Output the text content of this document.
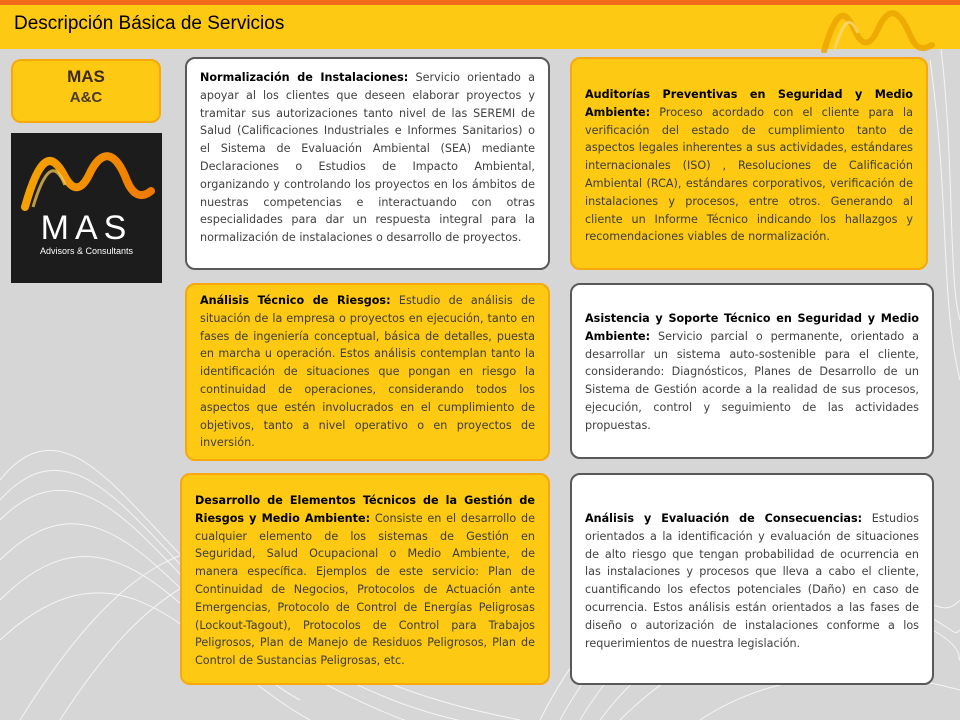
Descripción Básica de Servicios
MAS
A&C
MAS
Advisors & Consultants
Normalización de Instalaciones: Servicio orientado a apoyar al los clientes que deseen elaborar proyectos y tramitar sus autorizaciones tanto nivel de las SEREMI de Salud (Calificaciones Industriales e Informes Sanitarios) o el Sistema de Evaluación Ambiental (SEA) mediante Declaraciones o Estudios de Impacto Ambiental, organizando y controlando los proyectos en los ámbitos de nuestras competencias e interactuando con otras especialidades para dar un respuesta integral para la normalización de instalaciones o desarrollo de proyectos.
Auditorías Preventivas en Seguridad y Medio Ambiente: Proceso acordado con el cliente para la verificación del estado de cumplimiento tanto de aspectos legales inherentes a sus actividades, estándares internacionales (ISO) , Resoluciones de Calificación Ambiental (RCA), estándares corporativos, verificación de instalaciones y procesos, entre otros. Generando al cliente un Informe Técnico indicando los hallazgos y recomendaciones viables de normalización.
Análisis Técnico de Riesgos: Estudio de análisis de situación de la empresa o proyectos en ejecución, tanto en fases de ingeniería conceptual, básica de detalles, puesta en marcha u operación. Estos análisis contemplan tanto la identificación de situaciones que pongan en riesgo la continuidad de operaciones, considerando todos los aspectos que estén involucrados en el cumplimiento de objetivos, tanto a nivel operativo o en proyectos de inversión.
Asistencia y Soporte Técnico en Seguridad y Medio Ambiente: Servicio parcial o permanente, orientado a desarrollar un sistema auto-sostenible para el cliente, considerando: Diagnósticos, Planes de Desarrollo de un Sistema de Gestión acorde a la realidad de sus procesos, ejecución, control y seguimiento de las actividades propuestas.
Desarrollo de Elementos Técnicos de la Gestión de Riesgos y Medio Ambiente: Consiste en el desarrollo de cualquier elemento de los sistemas de Gestión en Seguridad, Salud Ocupacional o Medio Ambiente, de manera específica. Ejemplos de este servicio: Plan de Continuidad de Negocios, Protocolos de Actuación ante Emergencias, Protocolo de Control de Energías Peligrosas (Lockout-Tagout), Protocolos de Control para Trabajos Peligrosos, Plan de Manejo de Residuos Peligrosos, Plan de Control de Sustancias Peligrosas, etc.
Análisis y Evaluación de Consecuencias: Estudios orientados a la identificación y evaluación de situaciones de alto riesgo que tengan probabilidad de ocurrencia en las instalaciones y procesos que lleva a cabo el cliente, cuantificando los efectos potenciales (Daño) en caso de ocurrencia. Estos análisis están orientados a las fases de diseño o autorización de instalaciones conforme a los requerimientos de nuestra legislación.
